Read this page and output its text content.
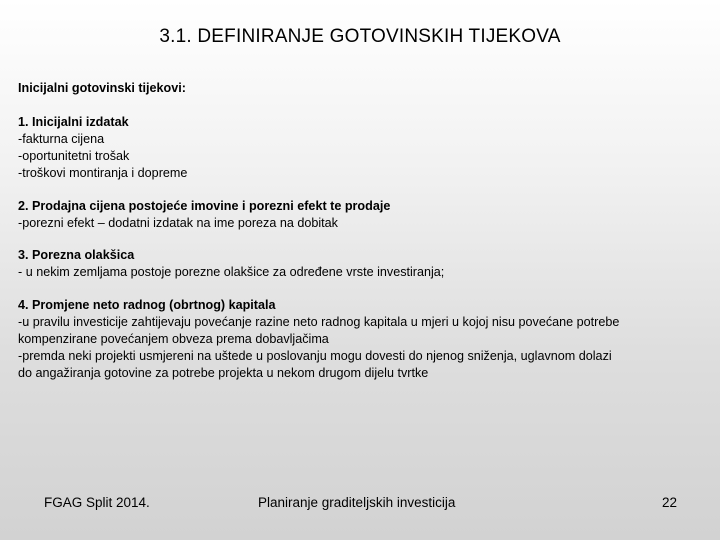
3.1. DEFINIRANJE GOTOVINSKIH TIJEKOVA
Inicijalni gotovinski tijekovi:
1. Inicijalni izdatak
-fakturna cijena
-oportunitetni trošak
-troškovi montiranja i dopreme
2. Prodajna cijena postojeće imovine i porezni efekt te prodaje
-porezni efekt – dodatni izdatak na ime poreza na dobitak
3. Porezna olakšica
- u nekim zemljama postoje porezne olakšice za određene vrste investiranja;
4. Promjene neto radnog (obrtnog) kapitala
-u pravilu investicije zahtijevaju povećanje razine neto radnog kapitala u mjeri u kojoj nisu povećane potrebe
kompenzirane povećanjem obveza prema dobavljačima
-premda neki projekti usmjereni na uštede u poslovanju mogu dovesti do njenog sniženja, uglavnom dolazi
do angažiranja gotovine za potrebe projekta u nekom drugom dijelu tvrtke
FGAG Split 2014.	Planiranje graditeljskih investicija	22
